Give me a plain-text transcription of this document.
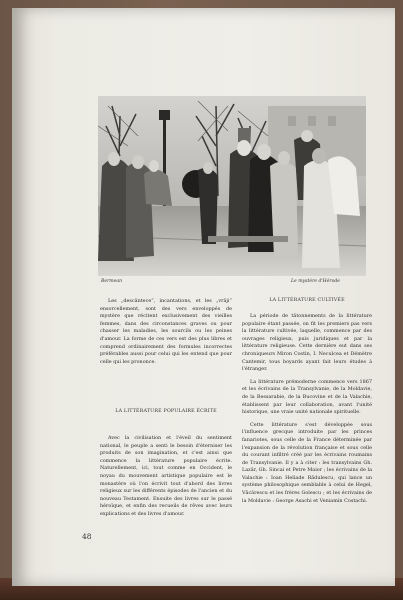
Bermean	Le mystère d'Hérode

Les „descântece”, incantations, et les „vrăji” ensorcellement, sont des vers enveloppés de mystère que récitent exclusivement des vieilles femmes, dans des circonstances graves ou pour chasser les maladies, les sourcils ou les peines d'amour. La forme de ces vers est des plus libres et comprend ordinairement des formules incorrectes préférables aussi pour celui qui les entend que pour celle qui les prononce.

LA LITTÉRATURE POPULAIRE ÉCRITE

Avec la civilisation et l'éveil du sentiment national, le peuple a senti le besoin d'éterniser les produits de son imagination, et c'est ainsi que commence la littérature populaire écrite. Naturellement, ici, tout comme en Occident, le noyau du mouvement artistique populaire est le monastère où l'on écrivit tout d'abord des livres religieux sur les différents épisodes de l'ancien et du nouveau Testament. Ensuite des livres sur le passé héroïque, et enfin des recueils de rêves avec leurs explications et des livres d'amour.

LA LITTÉRATURE CULTIVÉE

La période de tâtonnements de la littérature populaire étant passée, on fit les premiers pas vers la littérature cultivée, laquelle, commence par des ouvrages religieux, puis juridiques et par la littérature religieuse. Cette dernière eut dans ses chroniqueurs Miron Costin, I. Neculcea et Démètre Cantemir, tous boyards ayant fait leurs études à l'étranger.

La littérature prémoderne commence vers 1867 et les écrivains de la Transylvanie, de la Moldavie, de la Bessarabie, de la Bucovine et de la Valachie, établissent par leur collaboration, avant l'unité historique, une vraie unité nationale spirituelle.

Cette littérature s'est développée sous l'influence grecque introduite par les princes fanariotes, sous celle de la France déterminée par l'expansion de la révolution française et sous celle du courant infiltré créé par les écrivains roumains de Transylvanie. Il y a à citer : les transylvains Gh. Lazăr, Gh. Sincai et Petre Maior ; les écrivains de la Valachie : Ioan Heliade Rădulescu, qui lance un système philosophique semblable à celui de Hegel, Văcărescu et les frères Golescu ; et les écrivains de la Moldavie : George Asachi et Veniamin Costachi.

48
